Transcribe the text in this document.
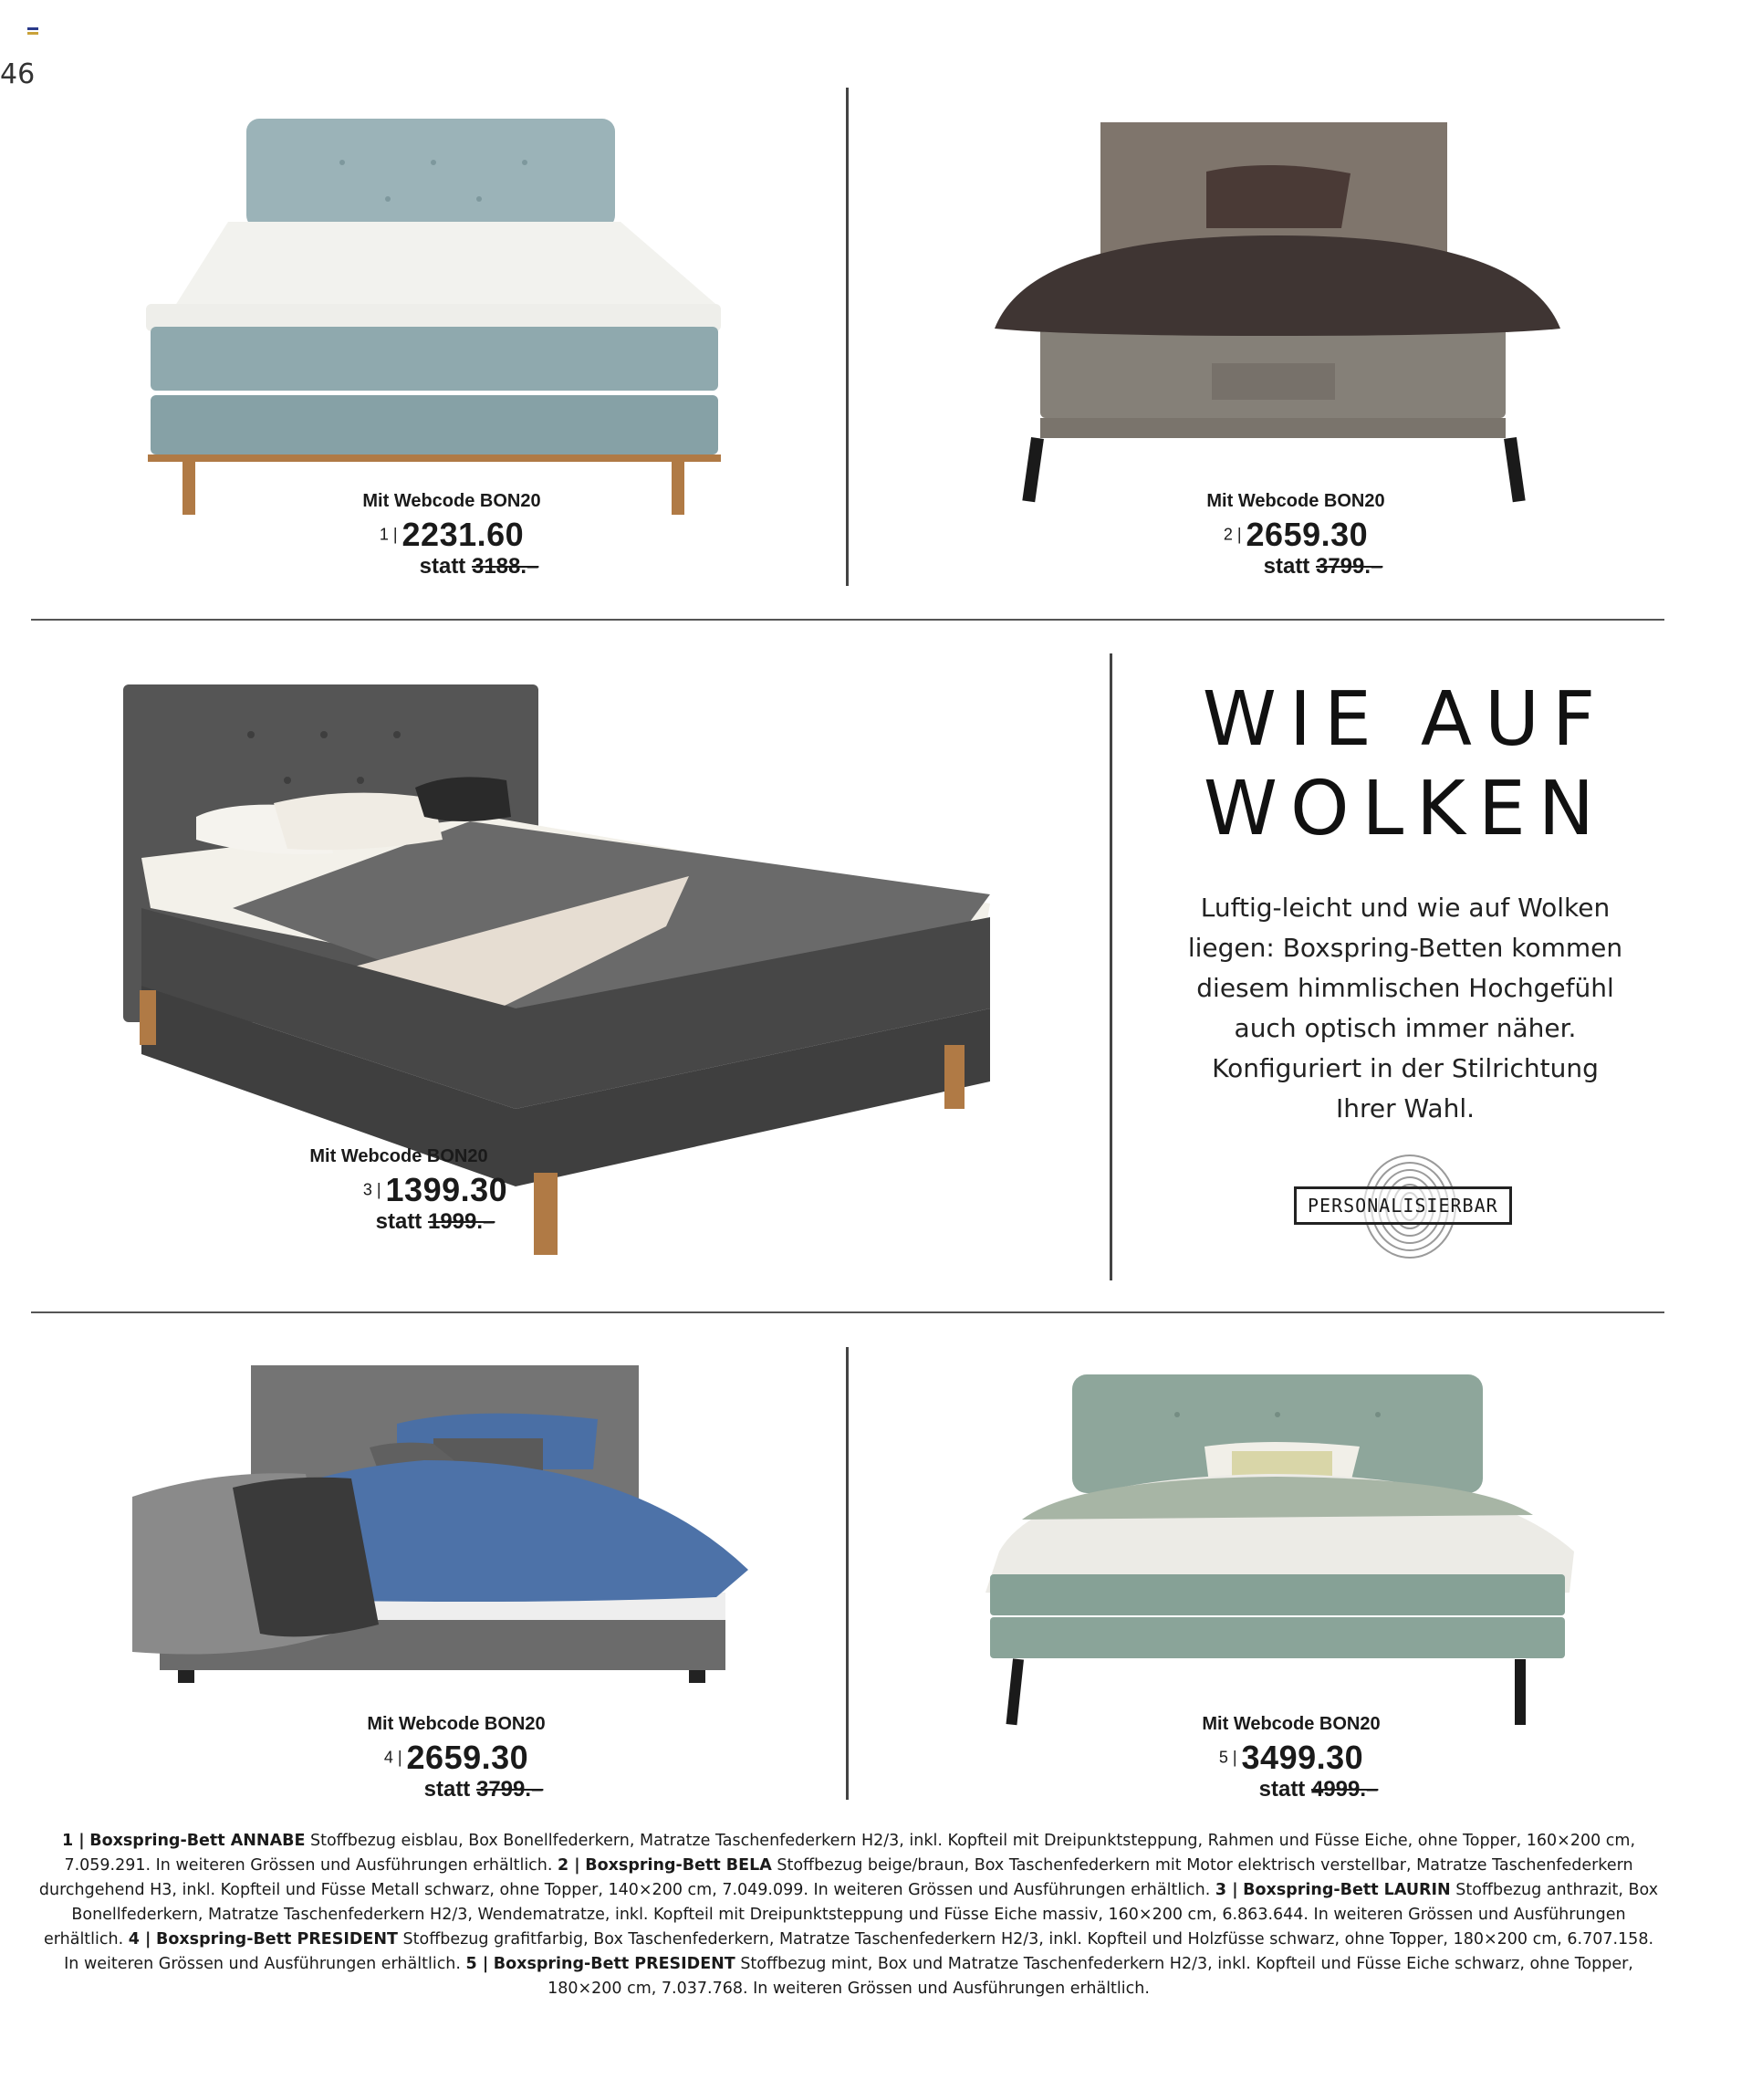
46
Mit Webcode BON20
1 | 2231.60
statt 3188.–
Mit Webcode BON20
2 | 2659.30
statt 3799.–
Mit Webcode BON20
3 | 1399.30
statt 1999.–
WIE AUF
WOLKEN
Luftig-leicht und wie auf Wolken
liegen: Boxspring-Betten kommen
diesem himmlischen Hochgefühl
auch optisch immer näher.
Konfiguriert in der Stilrichtung
Ihrer Wahl.
PERSONALISIERBAR
Mit Webcode BON20
4 | 2659.30
statt 3799.–
Mit Webcode BON20
5 | 3499.30
statt 4999.–
1 | Boxspring-Bett ANNABE Stoffbezug eisblau, Box Bonellfederkern, Matratze Taschenfederkern H2/3, inkl. Kopfteil mit Dreipunktsteppung, Rahmen und Füsse Eiche, ohne Topper, 160×200 cm, 7.059.291. In weiteren Grössen und Ausführungen erhältlich. 2 | Boxspring-Bett BELA Stoffbezug beige/braun, Box Taschenfederkern mit Motor elektrisch verstellbar, Matratze Taschenfederkern durchgehend H3, inkl. Kopfteil und Füsse Metall schwarz, ohne Topper, 140×200 cm, 7.049.099. In weiteren Grössen und Ausführungen erhältlich. 3 | Boxspring-Bett LAURIN Stoffbezug anthrazit, Box Bonellfederkern, Matratze Taschenfederkern H2/3, Wendematratze, inkl. Kopfteil mit Dreipunktsteppung und Füsse Eiche massiv, 160×200 cm, 6.863.644. In weiteren Grössen und Ausführungen erhältlich. 4 | Boxspring-Bett PRESIDENT Stoffbezug grafitfarbig, Box Taschenfederkern, Matratze Taschenfederkern H2/3, inkl. Kopfteil und Holzfüsse schwarz, ohne Topper, 180×200 cm, 6.707.158. In weiteren Grössen und Ausführungen erhältlich. 5 | Boxspring-Bett PRESIDENT Stoffbezug mint, Box und Matratze Taschenfederkern H2/3, inkl. Kopfteil und Füsse Eiche schwarz, ohne Topper, 180×200 cm, 7.037.768. In weiteren Grössen und Ausführungen erhältlich.
